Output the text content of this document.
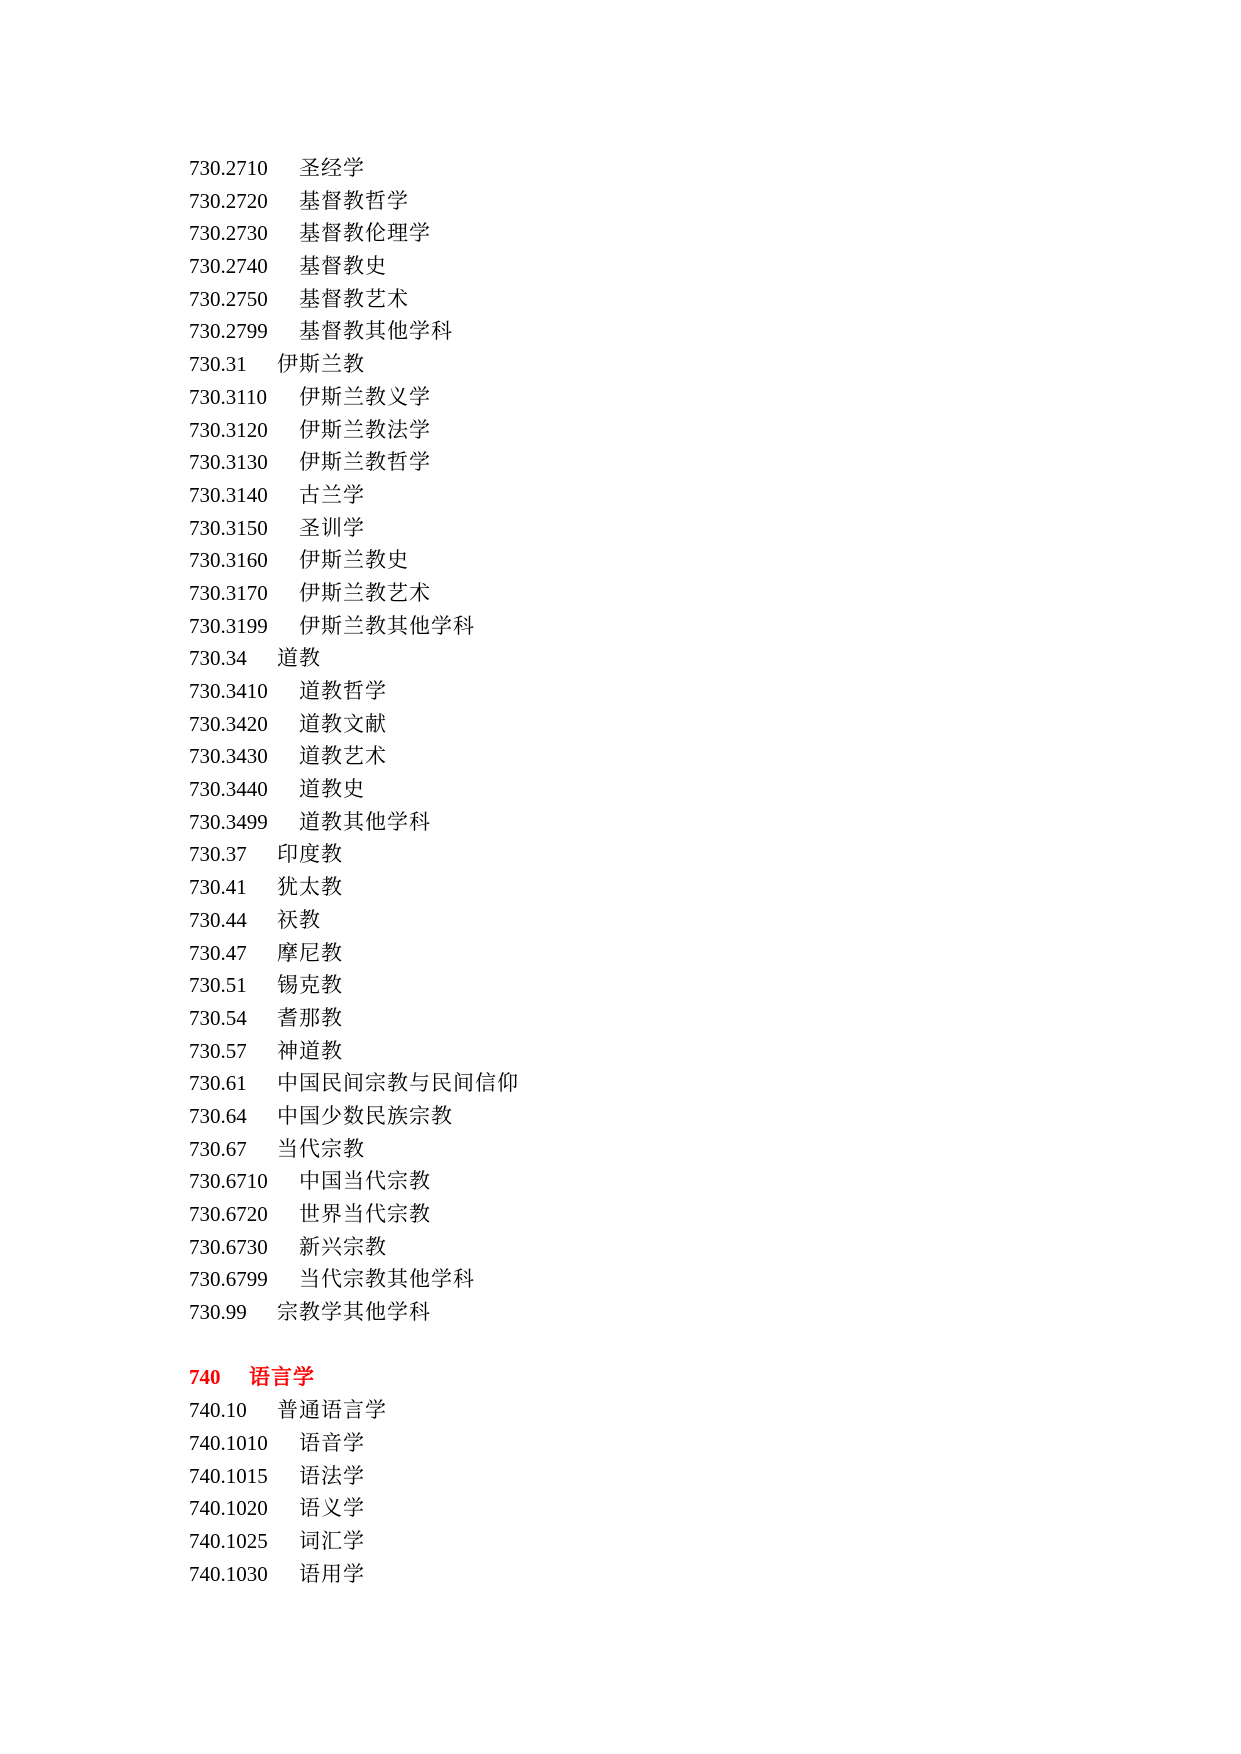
730.2710 圣经学
730.2720 基督教哲学
730.2730 基督教伦理学
730.2740 基督教史
730.2750 基督教艺术
730.2799 基督教其他学科
730.31 伊斯兰教
730.3110 伊斯兰教义学
730.3120 伊斯兰教法学
730.3130 伊斯兰教哲学
730.3140 古兰学
730.3150 圣训学
730.3160 伊斯兰教史
730.3170 伊斯兰教艺术
730.3199 伊斯兰教其他学科
730.34 道教
730.3410 道教哲学
730.3420 道教文献
730.3430 道教艺术
730.3440 道教史
730.3499 道教其他学科
730.37 印度教
730.41 犹太教
730.44 祆教
730.47 摩尼教
730.51 锡克教
730.54 耆那教
730.57 神道教
730.61 中国民间宗教与民间信仰
730.64 中国少数民族宗教
730.67 当代宗教
730.6710 中国当代宗教
730.6720 世界当代宗教
730.6730 新兴宗教
730.6799 当代宗教其他学科
730.99 宗教学其他学科
740 语言学
740.10 普通语言学
740.1010 语音学
740.1015 语法学
740.1020 语义学
740.1025 词汇学
740.1030 语用学
